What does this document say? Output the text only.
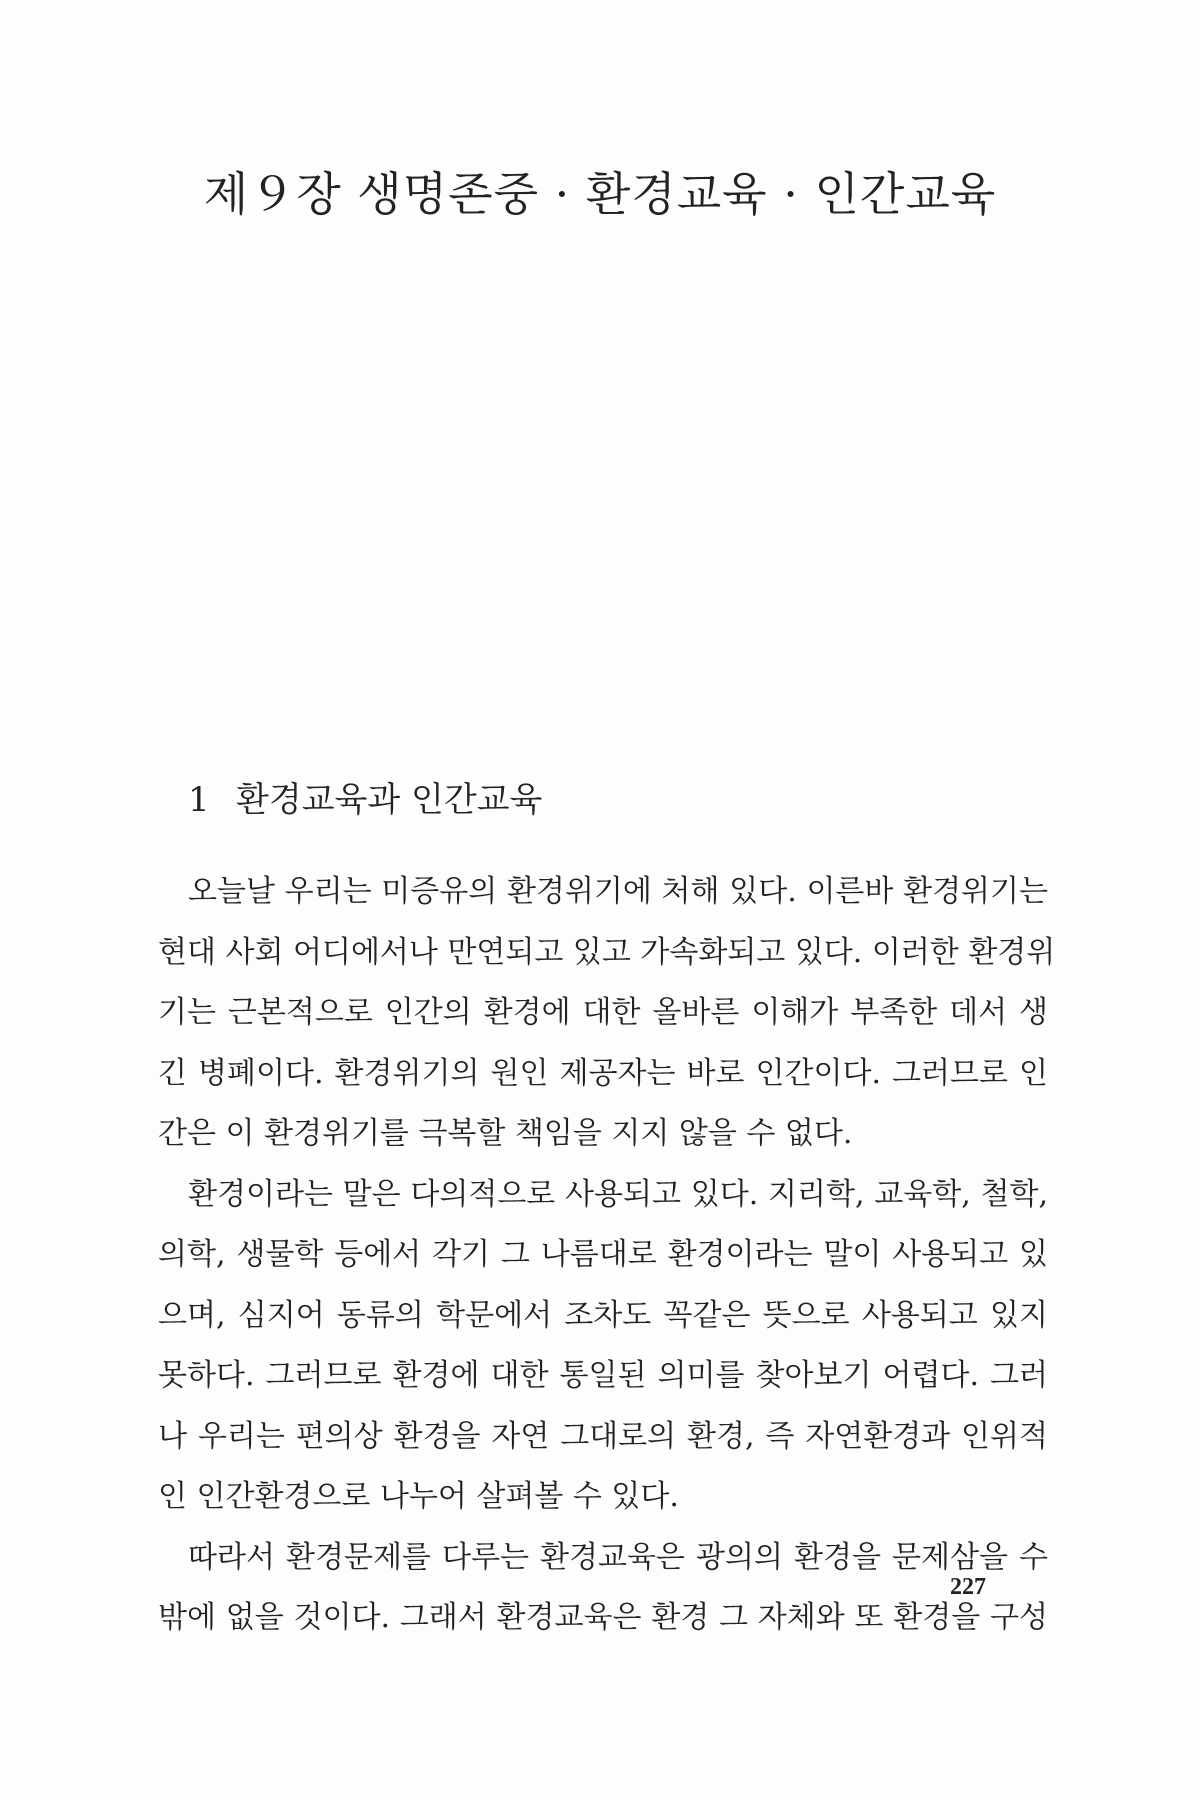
제９장 생명존중 · 환경교육 · 인간교육
1 환경교육과 인간교육
오늘날 우리는 미증유의 환경위기에 처해 있다. 이른바 환경위기는
현대 사회 어디에서나 만연되고 있고 가속화되고 있다. 이러한 환경위
기는 근본적으로 인간의 환경에 대한 올바른 이해가 부족한 데서 생
긴 병폐이다. 환경위기의 원인 제공자는 바로 인간이다. 그러므로 인
간은 이 환경위기를 극복할 책임을 지지 않을 수 없다.
환경이라는 말은 다의적으로 사용되고 있다. 지리학, 교육학, 철학,
의학, 생물학 등에서 각기 그 나름대로 환경이라는 말이 사용되고 있
으며, 심지어 동류의 학문에서 조차도 꼭같은 뜻으로 사용되고 있지
못하다. 그러므로 환경에 대한 통일된 의미를 찾아보기 어렵다. 그러
나 우리는 편의상 환경을 자연 그대로의 환경, 즉 자연환경과 인위적
인 인간환경으로 나누어 살펴볼 수 있다.
따라서 환경문제를 다루는 환경교육은 광의의 환경을 문제삼을 수
밖에 없을 것이다. 그래서 환경교육은 환경 그 자체와 또 환경을 구성
227
